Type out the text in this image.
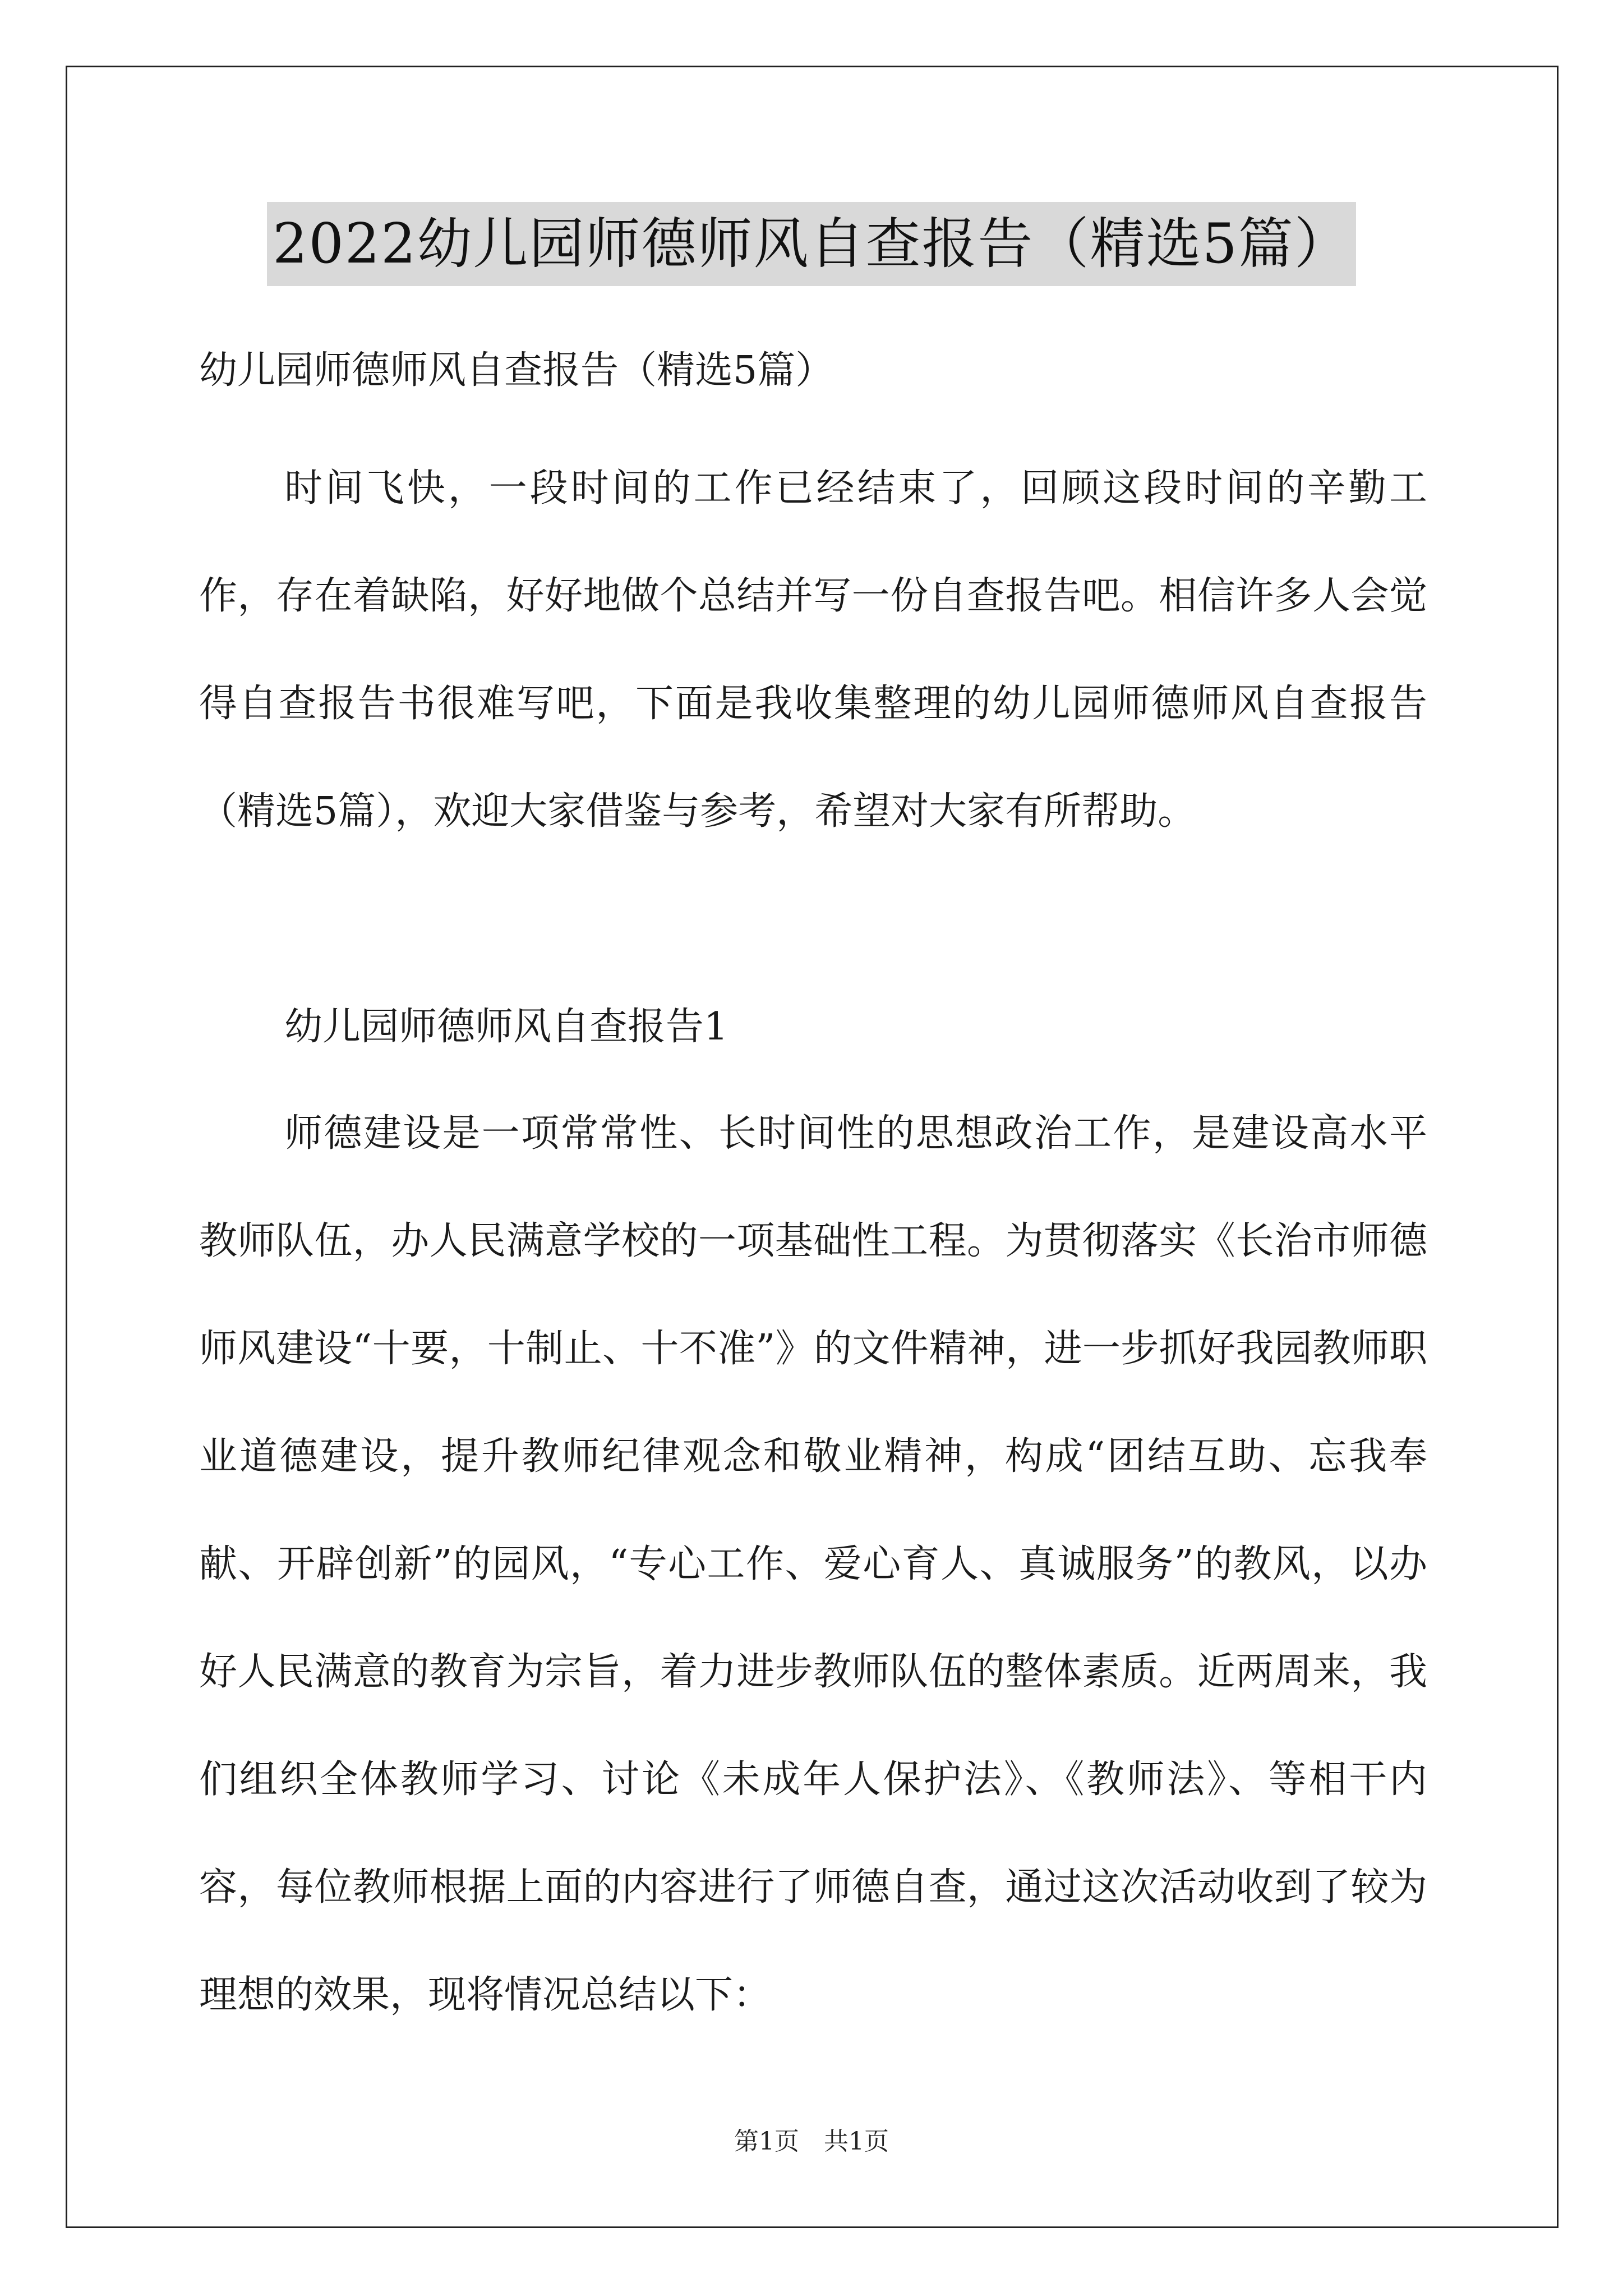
2022幼儿园师德师风自查报告（精选5篇）
幼儿园师德师风自查报告（精选5篇）

时间飞快，一段时间的工作已经结束了，回顾这段时间的辛勤工作，存在着缺陷，好好地做个总结并写一份自查报告吧。相信许多人会觉得自查报告书很难写吧，下面是我收集整理的幼儿园师德师风自查报告（精选5篇），欢迎大家借鉴与参考，希望对大家有所帮助。

幼儿园师德师风自查报告1

师德建设是一项常常性、长时间性的思想政治工作，是建设高水平教师队伍，办人民满意学校的一项基础性工程。为贯彻落实《长治市师德师风建设“十要，十制止、十不准”》的文件精神，进一步抓好我园教师职业道德建设，提升教师纪律观念和敬业精神，构成“团结互助、忘我奉献、开辟创新”的园风，“专心工作、爱心育人、真诚服务”的教风，以办好人民满意的教育为宗旨，着力进步教师队伍的整体素质。近两周来，我们组织全体教师学习、讨论《未成年人保护法》、《教师法》、等相干内容，每位教师根据上面的内容进行了师德自查，通过这次活动收到了较为理想的效果，现将情况总结以下：

第1页　共1页
